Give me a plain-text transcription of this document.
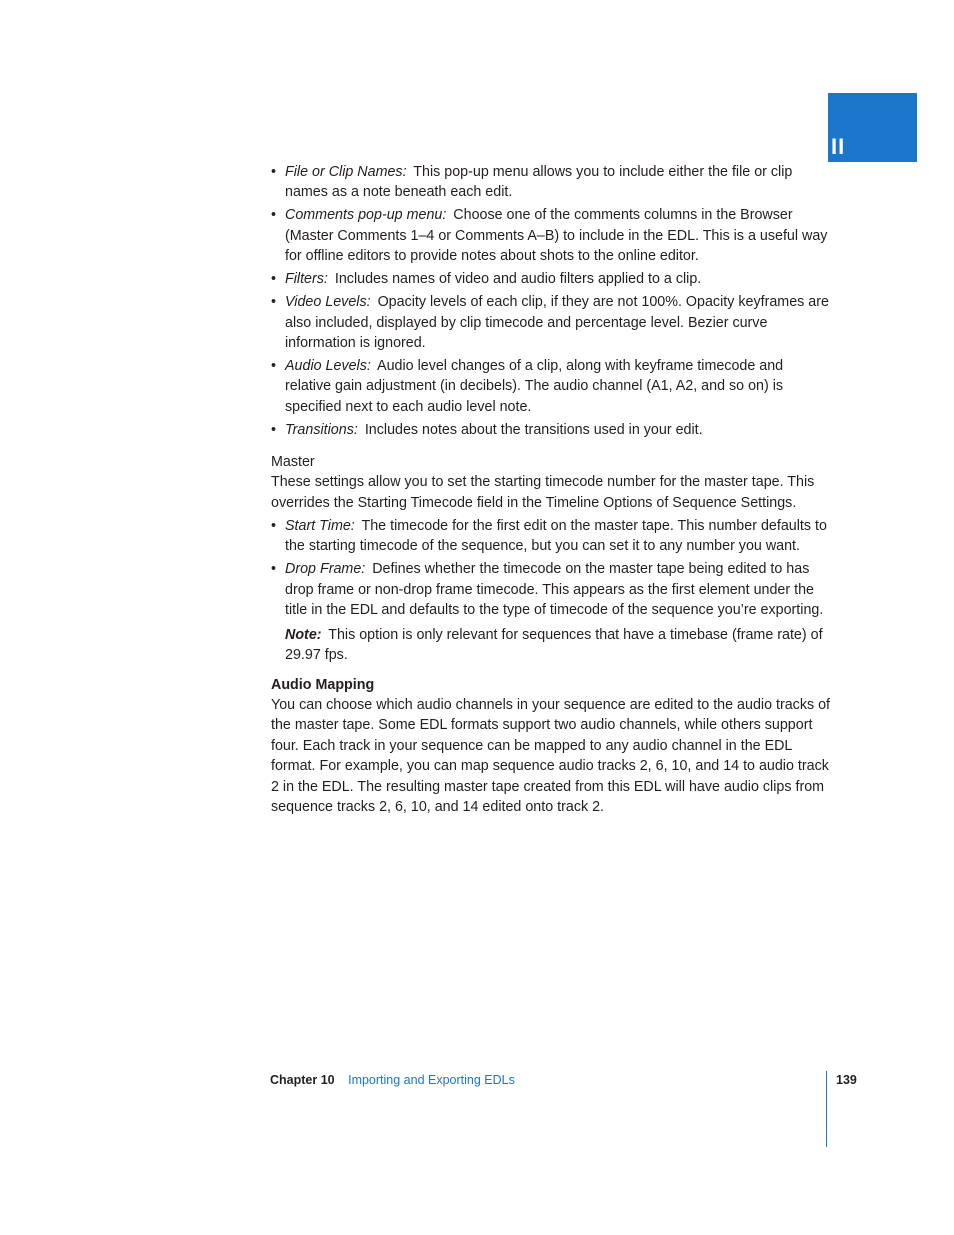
II
• File or Clip Names: This pop-up menu allows you to include either the file or clip names as a note beneath each edit.
• Comments pop-up menu: Choose one of the comments columns in the Browser (Master Comments 1–4 or Comments A–B) to include in the EDL. This is a useful way for offline editors to provide notes about shots to the online editor.
• Filters: Includes names of video and audio filters applied to a clip.
• Video Levels: Opacity levels of each clip, if they are not 100%. Opacity keyframes are also included, displayed by clip timecode and percentage level. Bezier curve information is ignored.
• Audio Levels: Audio level changes of a clip, along with keyframe timecode and relative gain adjustment (in decibels). The audio channel (A1, A2, and so on) is specified next to each audio level note.
• Transitions: Includes notes about the transitions used in your edit.
Master

These settings allow you to set the starting timecode number for the master tape. This overrides the Starting Timecode field in the Timeline Options of Sequence Settings.

• Start Time: The timecode for the first edit on the master tape. This number defaults to the starting timecode of the sequence, but you can set it to any number you want.
• Drop Frame: Defines whether the timecode on the master tape being edited to has drop frame or non-drop frame timecode. This appears as the first element under the title in the EDL and defaults to the type of timecode of the sequence you’re exporting.

Note: This option is only relevant for sequences that have a timebase (frame rate) of 29.97 fps.

Audio Mapping

You can choose which audio channels in your sequence are edited to the audio tracks of the master tape. Some EDL formats support two audio channels, while others support four. Each track in your sequence can be mapped to any audio channel in the EDL format. For example, you can map sequence audio tracks 2, 6, 10, and 14 to audio track 2 in the EDL. The resulting master tape created from this EDL will have audio clips from sequence tracks 2, 6, 10, and 14 edited onto track 2.

Chapter 10 Importing and Exporting EDLs	139
